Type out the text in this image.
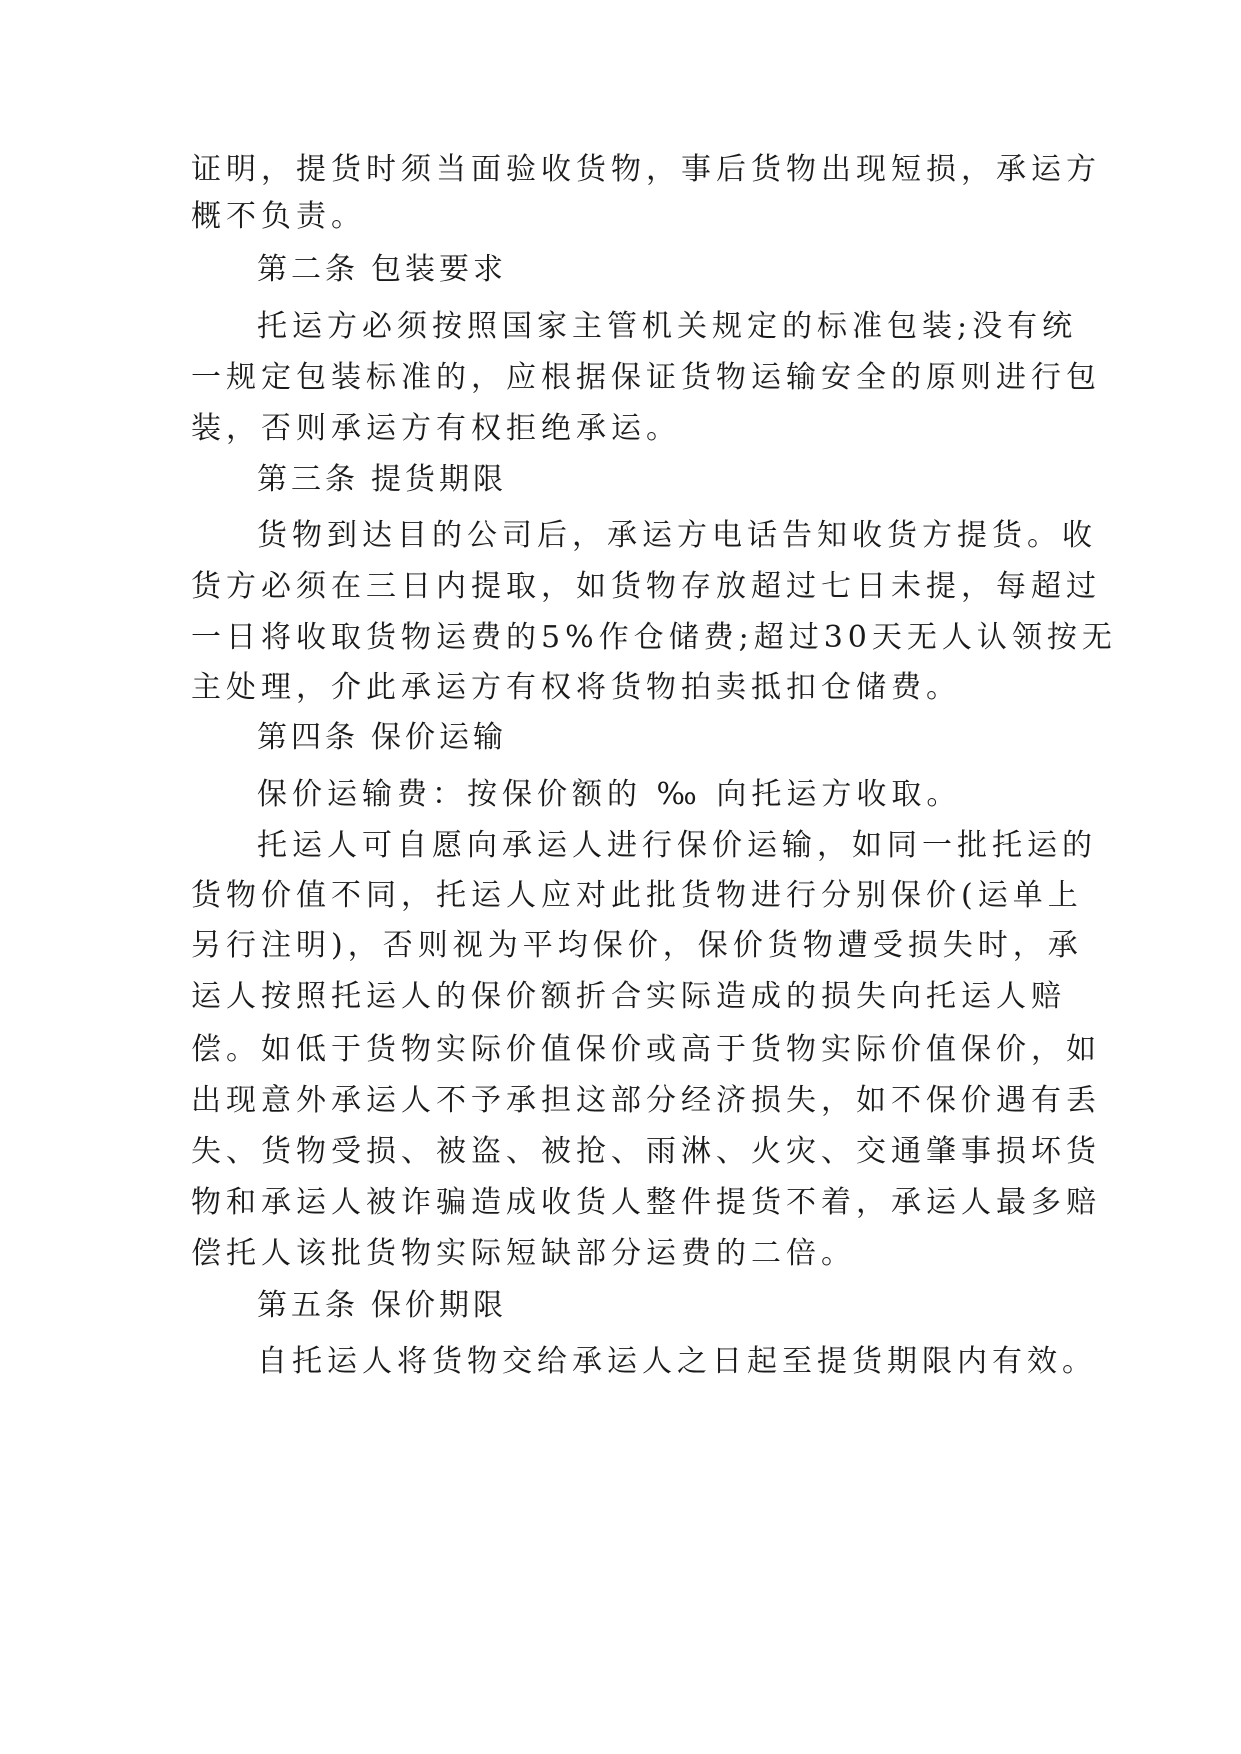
证明，提货时须当面验收货物，事后货物出现短损，承运方

概不负责。

第二条 包装要求

托运方必须按照国家主管机关规定的标准包装;没有统

一规定包装标准的，应根据保证货物运输安全的原则进行包

装，否则承运方有权拒绝承运。

第三条 提货期限

货物到达目的公司后，承运方电话告知收货方提货。收

货方必须在三日内提取，如货物存放超过七日未提，每超过

一日将收取货物运费的5%作仓储费;超过30天无人认领按无

主处理，介此承运方有权将货物拍卖抵扣仓储费。

第四条 保价运输

保价运输费：按保价额的 ‰ 向托运方收取。

托运人可自愿向承运人进行保价运输，如同一批托运的

货物价值不同，托运人应对此批货物进行分别保价(运单上

另行注明)，否则视为平均保价，保价货物遭受损失时，承

运人按照托运人的保价额折合实际造成的损失向托运人赔

偿。如低于货物实际价值保价或高于货物实际价值保价，如

出现意外承运人不予承担这部分经济损失，如不保价遇有丢

失、货物受损、被盗、被抢、雨淋、火灾、交通肇事损坏货

物和承运人被诈骗造成收货人整件提货不着，承运人最多赔

偿托人该批货物实际短缺部分运费的二倍。

第五条 保价期限

自托运人将货物交给承运人之日起至提货期限内有效。
